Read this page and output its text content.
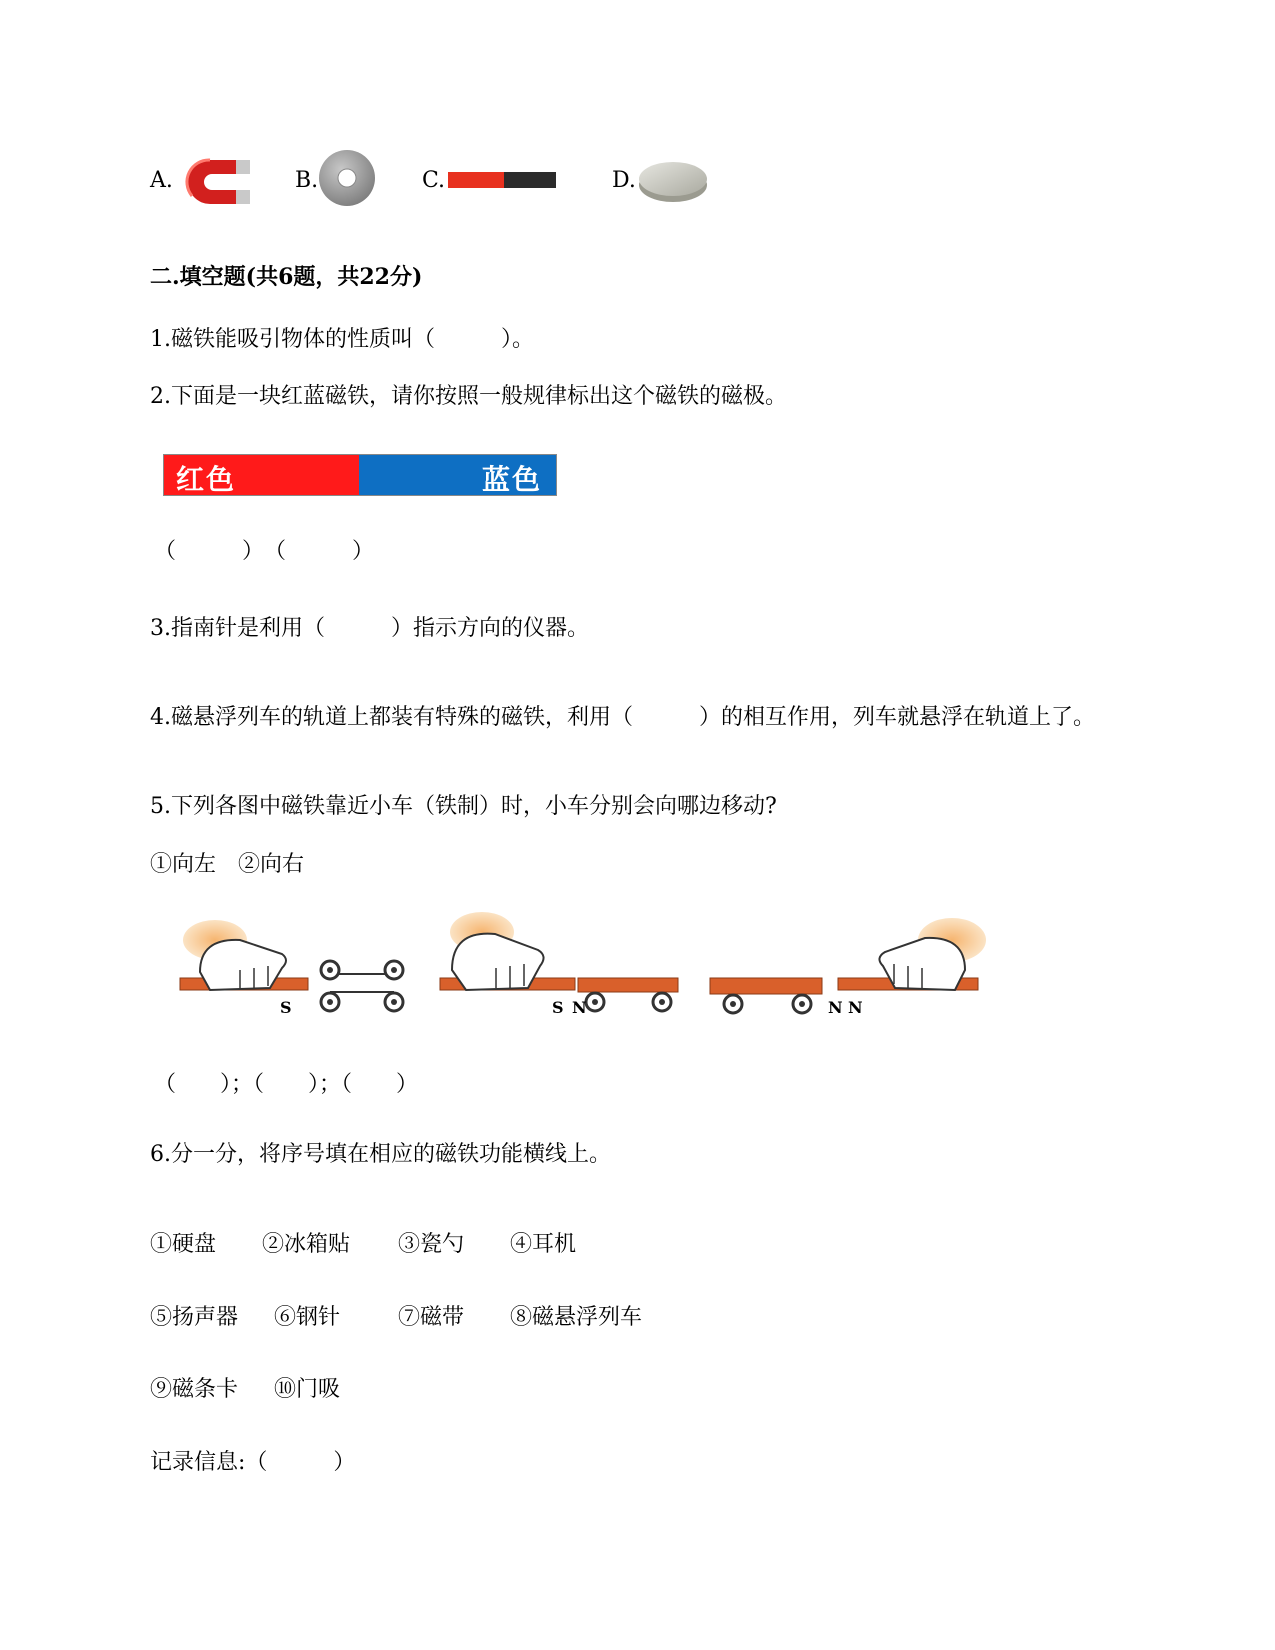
A.	B.	C.	D.
二.填空题(共6题，共22分)
1.磁铁能吸引物体的性质叫（　　　）。
2.下面是一块红蓝磁铁，请你按照一般规律标出这个磁铁的磁极。
红色	蓝色
（　　　）　（　　　）
3.指南针是利用（　　　）指示方向的仪器。
4.磁悬浮列车的轨道上都装有特殊的磁铁，利用（　　　）的相互作用，列车就悬浮在轨道上了。
5.下列各图中磁铁靠近小车（铁制）时，小车分别会向哪边移动?
①向左　②向右
S	S N	N N
（　　）；（　　）；（　　）
6.分一分，将序号填在相应的磁铁功能横线上。
①硬盘 ②冰箱贴 ③瓷勺 ④耳机
⑤扬声器 ⑥钢针	⑦磁带 ⑧磁悬浮列车
⑨磁条卡 ⑩门吸
记录信息:（　　　）
